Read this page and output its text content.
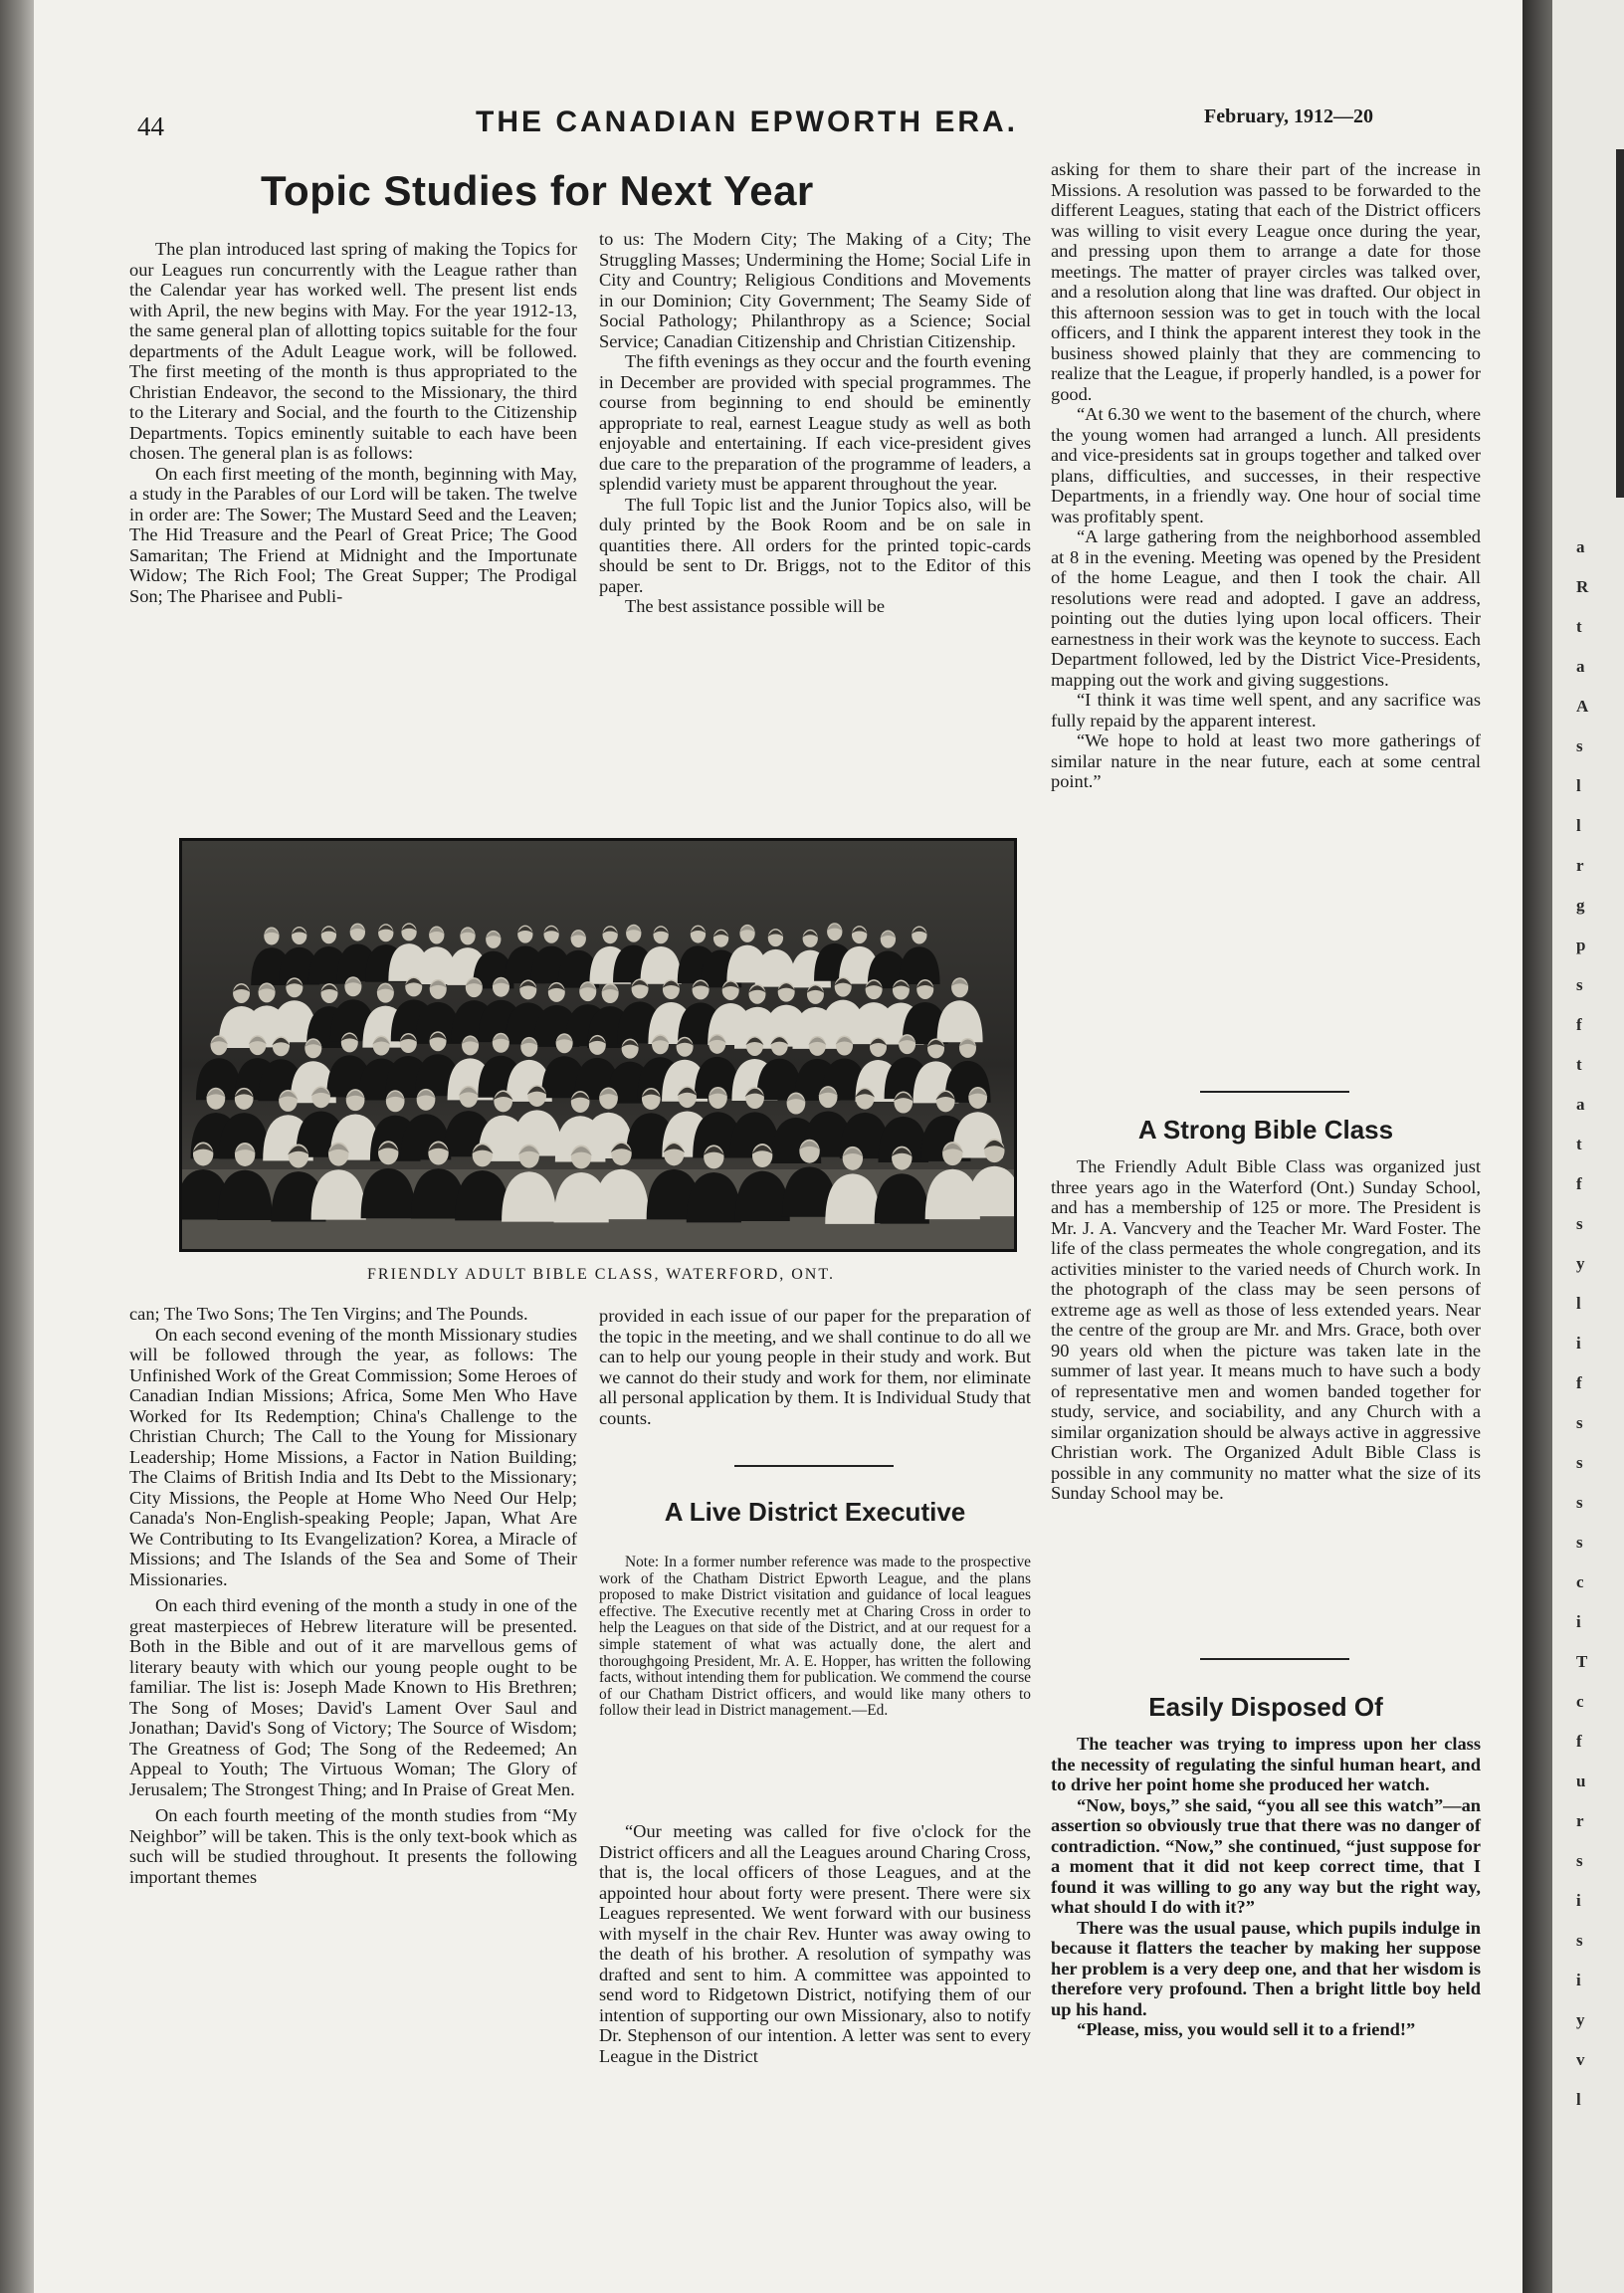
a
R
t
a
A
s
l
l
r
g
p
s
f
t
a
t
f
s
y
l
i
f
s
s
s
s
c
i
T
c
f
u
r
s
i
s
i
y
v
l
44	THE CANADIAN EPWORTH ERA.	February, 1912—20
Topic Studies for Next Year

The plan introduced last spring of making the Topics for our Leagues run concurrently with the League rather than the Calendar year has worked well. The present list ends with April, the new begins with May. For the year 1912-13, the same general plan of allotting topics suitable for the four departments of the Adult League work, will be followed. The first meeting of the month is thus appropriated to the Christian Endeavor, the second to the Missionary, the third to the Literary and Social, and the fourth to the Citizenship Departments. Topics eminently suitable to each have been chosen. The general plan is as follows:

On each first meeting of the month, beginning with May, a study in the Parables of our Lord will be taken. The twelve in order are: The Sower; The Mustard Seed and the Leaven; The Hid Treasure and the Pearl of Great Price; The Good Samaritan; The Friend at Midnight and the Importunate Widow; The Rich Fool; The Great Supper; The Prodigal Son; The Pharisee and Publi-

to us: The Modern City; The Making of a City; The Struggling Masses; Undermining the Home; Social Life in City and Country; Religious Conditions and Movements in our Dominion; City Government; The Seamy Side of Social Pathology; Philanthropy as a Science; Social Service; Canadian Citizenship and Christian Citizenship.

The fifth evenings as they occur and the fourth evening in December are provided with special programmes. The course from beginning to end should be eminently appropriate to real, earnest League study as well as both enjoyable and entertaining. If each vice-president gives due care to the preparation of the programme of leaders, a splendid variety must be apparent throughout the year.

The full Topic list and the Junior Topics also, will be duly printed by the Book Room and be on sale in quantities there. All orders for the printed topic-cards should be sent to Dr. Briggs, not to the Editor of this paper.

The best assistance possible will be

FRIENDLY ADULT BIBLE CLASS, WATERFORD, ONT.

can; The Two Sons; The Ten Virgins; and The Pounds.

On each second evening of the month Missionary studies will be followed through the year, as follows: The Unfinished Work of the Great Commission; Some Heroes of Canadian Indian Missions; Africa, Some Men Who Have Worked for Its Redemption; China's Challenge to the Christian Church; The Call to the Young for Missionary Leadership; Home Missions, a Factor in Nation Building; The Claims of British India and Its Debt to the Missionary; City Missions, the People at Home Who Need Our Help; Canada's Non-English-speaking People; Japan, What Are We Contributing to Its Evangelization? Korea, a Miracle of Missions; and The Islands of the Sea and Some of Their Missionaries.

On each third evening of the month a study in one of the great masterpieces of Hebrew literature will be presented. Both in the Bible and out of it are marvellous gems of literary beauty with which our young people ought to be familiar. The list is: Joseph Made Known to His Brethren; The Song of Moses; David's Lament Over Saul and Jonathan; David's Song of Victory; The Source of Wisdom; The Greatness of God; The Song of the Redeemed; An Appeal to Youth; The Virtuous Woman; The Glory of Jerusalem; The Strongest Thing; and In Praise of Great Men.

On each fourth meeting of the month studies from “My Neighbor” will be taken. This is the only text-book which as such will be studied throughout. It presents the following important themes

provided in each issue of our paper for the preparation of the topic in the meeting, and we shall continue to do all we can to help our young people in their study and work. But we cannot do their study and work for them, nor eliminate all personal application by them. It is Individual Study that counts.

A Live District Executive

Note: In a former number reference was made to the prospective work of the Chatham District Epworth League, and the plans proposed to make District visitation and guidance of local leagues effective. The Executive recently met at Charing Cross in order to help the Leagues on that side of the District, and at our request for a simple statement of what was actually done, the alert and thoroughgoing President, Mr. A. E. Hopper, has written the following facts, without intending them for publication. We commend the course of our Chatham District officers, and would like many others to follow their lead in District management.—Ed.

“Our meeting was called for five o'clock for the District officers and all the Leagues around Charing Cross, that is, the local officers of those Leagues, and at the appointed hour about forty were present. There were six Leagues represented. We went forward with our business with myself in the chair Rev. Hunter was away owing to the death of his brother. A resolution of sympathy was drafted and sent to him. A committee was appointed to send word to Ridgetown District, notifying them of our intention of supporting our own Missionary, also to notify Dr. Stephenson of our intention. A letter was sent to every League in the District

asking for them to share their part of the increase in Missions. A resolution was passed to be forwarded to the different Leagues, stating that each of the District officers was willing to visit every League once during the year, and pressing upon them to arrange a date for those meetings. The matter of prayer circles was talked over, and a resolution along that line was drafted. Our object in this afternoon session was to get in touch with the local officers, and I think the apparent interest they took in the business showed plainly that they are commencing to realize that the League, if properly handled, is a power for good.

“At 6.30 we went to the basement of the church, where the young women had arranged a lunch. All presidents and vice-presidents sat in groups together and talked over plans, difficulties, and successes, in their respective Departments, in a friendly way. One hour of social time was profitably spent.

“A large gathering from the neighborhood assembled at 8 in the evening. Meeting was opened by the President of the home League, and then I took the chair. All resolutions were read and adopted. I gave an address, pointing out the duties lying upon local officers. Their earnestness in their work was the keynote to success. Each Department followed, led by the District Vice-Presidents, mapping out the work and giving suggestions.

“I think it was time well spent, and any sacrifice was fully repaid by the apparent interest.

“We hope to hold at least two more gatherings of similar nature in the near future, each at some central point.”

A Strong Bible Class

The Friendly Adult Bible Class was organized just three years ago in the Waterford (Ont.) Sunday School, and has a membership of 125 or more. The President is Mr. J. A. Vancvery and the Teacher Mr. Ward Foster. The life of the class permeates the whole congregation, and its activities minister to the varied needs of Church work. In the photograph of the class may be seen persons of extreme age as well as those of less extended years. Near the centre of the group are Mr. and Mrs. Grace, both over 90 years old when the picture was taken late in the summer of last year. It means much to have such a body of representative men and women banded together for study, service, and sociability, and any Church with a similar organization should be always active in aggressive Christian work. The Organized Adult Bible Class is possible in any community no matter what the size of its Sunday School may be.

Easily Disposed Of

The teacher was trying to impress upon her class the necessity of regulating the sinful human heart, and to drive her point home she produced her watch.

“Now, boys,” she said, “you all see this watch”—an assertion so obviously true that there was no danger of contradiction. “Now,” she continued, “just suppose for a moment that it did not keep correct time, that I found it was willing to go any way but the right way, what should I do with it?”

There was the usual pause, which pupils indulge in because it flatters the teacher by making her suppose her problem is a very deep one, and that her wisdom is therefore very profound. Then a bright little boy held up his hand.

“Please, miss, you would sell it to a friend!”
